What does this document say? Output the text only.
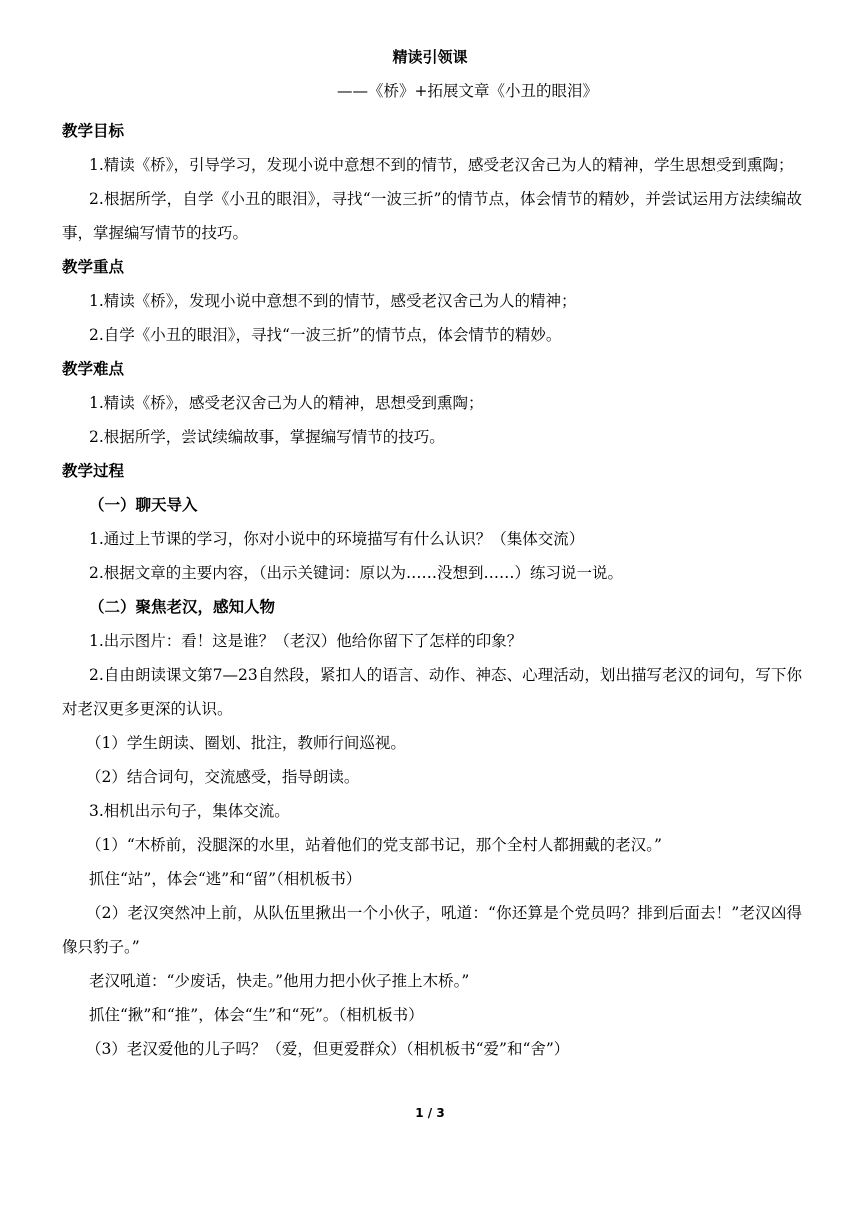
精读引领课
——《桥》+拓展文章《小丑的眼泪》
教学目标

1.精读《桥》，引导学习，发现小说中意想不到的情节，感受老汉舍己为人的精神，学生思想受到熏陶；

2.根据所学，自学《小丑的眼泪》，寻找“一波三折”的情节点，体会情节的精妙，并尝试运用方法续编故事，掌握编写情节的技巧。

教学重点

1.精读《桥》，发现小说中意想不到的情节，感受老汉舍己为人的精神；

2.自学《小丑的眼泪》，寻找“一波三折”的情节点，体会情节的精妙。

教学难点

1.精读《桥》，感受老汉舍己为人的精神，思想受到熏陶；

2.根据所学，尝试续编故事，掌握编写情节的技巧。

教学过程
（一）聊天导入

1.通过上节课的学习，你对小说中的环境描写有什么认识？（集体交流）

2.根据文章的主要内容，（出示关键词：原以为……没想到……）练习说一说。

（二）聚焦老汉，感知人物

1.出示图片：看！这是谁？（老汉）他给你留下了怎样的印象？

2.自由朗读课文第7—23自然段，紧扣人的语言、动作、神态、心理活动，划出描写老汉的词句，写下你对老汉更多更深的认识。

（1）学生朗读、圈划、批注，教师行间巡视。

（2）结合词句，交流感受，指导朗读。

3.相机出示句子，集体交流。

（1）“木桥前，没腿深的水里，站着他们的党支部书记，那个全村人都拥戴的老汉。”

抓住“站”，体会“逃”和“留”（相机板书）

（2）老汉突然冲上前，从队伍里揪出一个小伙子，吼道：“你还算是个党员吗？排到后面去！”老汉凶得像只豹子。”

老汉吼道：“少废话，快走。”他用力把小伙子推上木桥。”

抓住“揪”和“推”，体会“生”和“死”。（相机板书）

（3）老汉爱他的儿子吗？（爱，但更爱群众）（相机板书“爱”和“舍”）

1 / 3
